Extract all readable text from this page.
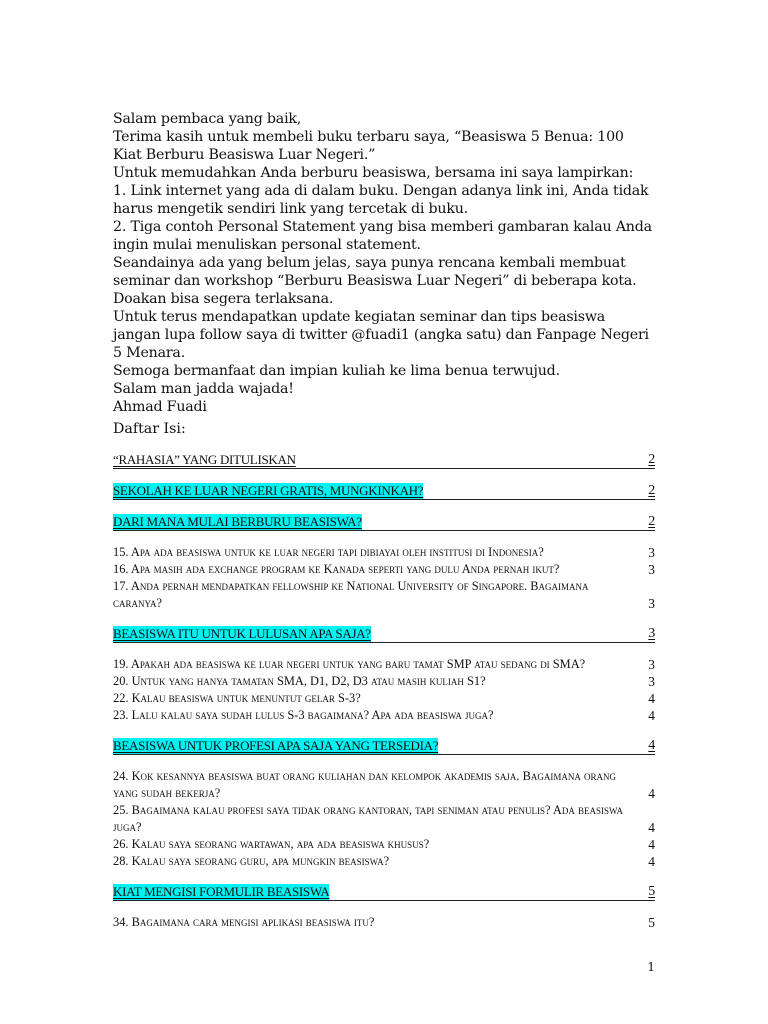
Salam pembaca yang baik,

Terima kasih untuk membeli buku terbaru saya, “Beasiswa 5 Benua: 100 Kiat Berburu Beasiswa Luar Negeri.”

Untuk memudahkan Anda berburu beasiswa, bersama ini saya lampirkan:

1. Link internet yang ada di dalam buku. Dengan adanya link ini, Anda tidak harus mengetik sendiri link yang tercetak di buku.

2. Tiga contoh Personal Statement yang bisa memberi gambaran kalau Anda ingin mulai menuliskan personal statement.

Seandainya ada yang belum jelas, saya punya rencana kembali membuat seminar dan workshop “Berburu Beasiswa Luar Negeri” di beberapa kota. Doakan bisa segera terlaksana.

Untuk terus mendapatkan update kegiatan seminar dan tips beasiswa jangan lupa follow saya di twitter @fuadi1 (angka satu) dan Fanpage Negeri 5 Menara.

Semoga bermanfaat dan impian kuliah ke lima benua terwujud.

Salam man jadda wajada!

Ahmad Fuadi

Daftar Isi:
“RAHASIA” YANG DITULISKAN	2
SEKOLAH KE LUAR NEGERI GRATIS, MUNGKINKAH?	2
DARI MANA MULAI BERBURU BEASISWA?	2
15. Apa ada beasiswa untuk ke luar negeri tapi dibiayai oleh institusi di Indonesia?	3
16. Apa masih ada exchange program ke Kanada seperti yang dulu Anda pernah ikut?	3
17. Anda pernah mendapatkan fellowship ke National University of Singapore. Bagaimana caranya?	3
BEASISWA ITU UNTUK LULUSAN APA SAJA?	3
19. Apakah ada beasiswa ke luar negeri untuk yang baru tamat SMP atau sedang di SMA?	3
20. Untuk yang hanya tamatan SMA, D1, D2, D3 atau masih kuliah S1?	3
22. Kalau beasiswa untuk menuntut gelar S-3?	4
23. Lalu kalau saya sudah lulus S-3 bagaimana? Apa ada beasiswa juga?	4
BEASISWA UNTUK PROFESI APA SAJA YANG TERSEDIA?	4
24. Kok kesannya beasiswa buat orang kuliahan dan kelompok akademis saja. Bagaimana orang yang sudah bekerja?	4
25. Bagaimana kalau profesi saya tidak orang kantoran, tapi seniman atau penulis? Ada beasiswa juga?	4
26. Kalau saya seorang wartawan, apa ada beasiswa khusus?	4
28. Kalau saya seorang guru, apa mungkin beasiswa?	4
KIAT MENGISI FORMULIR BEASISWA	5
34. Bagaimana cara mengisi aplikasi beasiswa itu?	5
1
